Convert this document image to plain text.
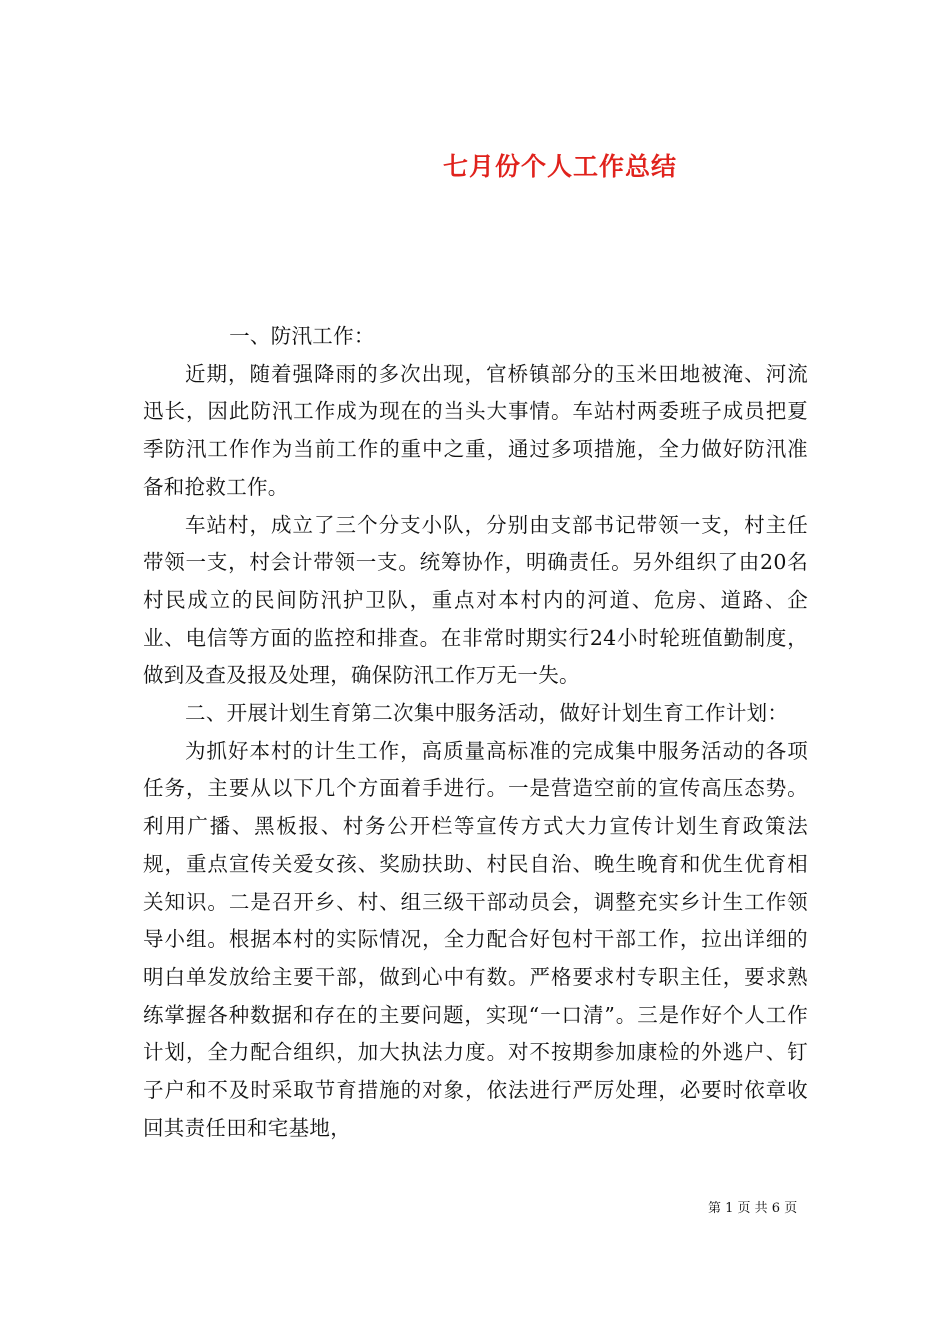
七月份个人工作总结

一、防汛工作：

近期，随着强降雨的多次出现，官桥镇部分的玉米田地被淹、河流迅长，因此防汛工作成为现在的当头大事情。车站村两委班子成员把夏季防汛工作作为当前工作的重中之重，通过多项措施，全力做好防汛准备和抢救工作。

车站村，成立了三个分支小队，分别由支部书记带领一支，村主任带领一支，村会计带领一支。统筹协作，明确责任。另外组织了由20名村民成立的民间防汛护卫队，重点对本村内的河道、危房、道路、企业、电信等方面的监控和排查。在非常时期实行24小时轮班值勤制度，做到及查及报及处理，确保防汛工作万无一失。

二、开展计划生育第二次集中服务活动，做好计划生育工作计划：

为抓好本村的计生工作，高质量高标准的完成集中服务活动的各项任务，主要从以下几个方面着手进行。一是营造空前的宣传高压态势。利用广播、黑板报、村务公开栏等宣传方式大力宣传计划生育政策法规，重点宣传关爱女孩、奖励扶助、村民自治、晚生晚育和优生优育相关知识。二是召开乡、村、组三级干部动员会，调整充实乡计生工作领导小组。根据本村的实际情况，全力配合好包村干部工作，拉出详细的明白单发放给主要干部，做到心中有数。严格要求村专职主任，要求熟练掌握各种数据和存在的主要问题，实现“一口清”。三是作好个人工作计划，全力配合组织，加大执法力度。对不按期参加康检的外逃户、钉子户和不及时采取节育措施的对象，依法进行严厉处理，必要时依章收回其责任田和宅基地，

第 1 页 共 6 页
